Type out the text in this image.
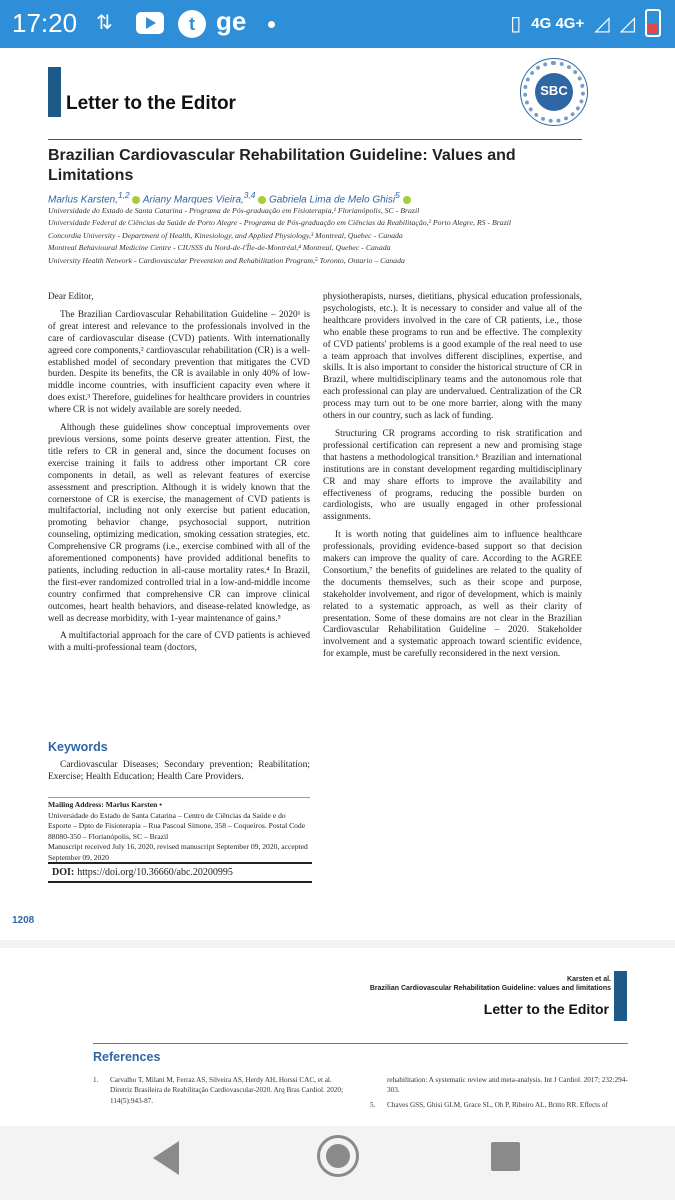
17:20 ⇅	t ge	▯ 4G 4G+ ◿ ◿
Letter to the Editor
SBC
Brazilian Cardiovascular Rehabilitation Guideline: Values and Limitations
Marlus Karsten,$^{1,2}$ Ariany Marques Vieira,$^{3,4}$ Gabriela Lima de Melo Ghisi$^5$
Universidade do Estado de Santa Catarina - Programa de Pós-graduação em Fisioterapia,¹ Florianópolis, SC - Brazil
Universidade Federal de Ciências da Saúde de Porto Alegre - Programa de Pós-graduação em Ciências da Reabilitação,² Porto Alegre, RS - Brazil
Concordia University - Department of Health, Kinesiology, and Applied Physiology,³ Montreal, Quebec - Canada
Montreal Behavioural Medicine Centre - CIUSSS du Nord-de-l'Île-de-Montréal,⁴ Montreal, Quebec - Canada
University Health Network - Cardiovascular Prevention and Rehabilitation Program,⁵ Toronto, Ontario – Canada

Dear Editor,

The Brazilian Cardiovascular Rehabilitation Guideline – 2020¹ is of great interest and relevance to the professionals involved in the care of cardiovascular disease (CVD) patients. With internationally agreed core components,² cardiovascular rehabilitation (CR) is a well-established model of secondary prevention that mitigates the CVD burden. Despite its benefits, the CR is available in only 40% of low-middle income countries, with insufficient capacity even where it does exist.³ Therefore, guidelines for healthcare providers in countries where CR is not widely available are sorely needed.

Although these guidelines show conceptual improvements over previous versions, some points deserve greater attention. First, the title refers to CR in general and, since the document focuses on exercise training it fails to address other important CR core components in detail, as well as relevant features of exercise assessment and prescription. Although it is widely known that the cornerstone of CR is exercise, the management of CVD patients is multifactorial, including not only exercise but patient education, promoting behavior change, psychosocial support, nutrition counseling, optimizing medication, smoking cessation strategies, etc. Comprehensive CR programs (i.e., exercise combined with all of the aforementioned components) have provided additional benefits to patients, including reduction in all-cause mortality rates.⁴ In Brazil, the first-ever randomized controlled trial in a low-and-middle income country confirmed that comprehensive CR can improve clinical outcomes, heart health behaviors, and disease-related knowledge, as well as decrease morbidity, with 1-year maintenance of gains.⁵

A multifactorial approach for the care of CVD patients is achieved with a multi-professional team (doctors,

physiotherapists, nurses, dietitians, physical education professionals, psychologists, etc.). It is necessary to consider and value all of the healthcare providers involved in the care of CR patients, i.e., those who enable these programs to run and be effective. The complexity of CVD patients' problems is a good example of the real need to use a team approach that involves different disciplines, expertise, and skills. It is also important to consider the historical structure of CR in Brazil, where multidisciplinary teams and the autonomous role that each professional can play are undervalued. Centralization of the CR process may turn out to be one more barrier, along with the many others in our country, such as lack of funding.

Structuring CR programs according to risk stratification and professional certification can represent a new and promising stage that hastens a methodological transition.⁶ Brazilian and international institutions are in constant development regarding multidisciplinary CR and may share efforts to improve the availability and effectiveness of programs, reducing the possible burden on cardiologists, who are usually engaged in other professional assignments.

It is worth noting that guidelines aim to influence healthcare professionals, providing evidence-based support so that decision makers can improve the quality of care. According to the AGREE Consortium,⁷ the benefits of guidelines are related to the quality of the documents themselves, such as their scope and purpose, stakeholder involvement, and rigor of development, which is mainly related to a systematic approach, as well as their clarity of presentation. Some of these domains are not clear in the Brazilian Cardiovascular Rehabilitation Guideline – 2020. Stakeholder involvement and a systematic approach toward scientific evidence, for example, must be carefully reconsidered in the next version.

Keywords
Cardiovascular Diseases; Secondary prevention; Reabilitation; Exercise; Health Education; Health Care Providers.
Mailing Address: Marlus Karsten •
Universidade do Estado de Santa Catarina – Centro de Ciências da Saúde e do Esporte – Dpto de Fisioterapia – Rua Pascoal Simone, 358 – Coqueiros. Postal Code 88080-350 – Florianópolis, SC – Brazil
Manuscript received July 16, 2020, revised manuscript September 09, 2020, accepted September 09, 2020
DOI: https://doi.org/10.36660/abc.20200995
1208
Karsten et al.
Brazilian Cardiovascular Rehabilitation Guideline: values and limitations
Letter to the Editor
References
1. Carvalho T, Milani M, Ferraz AS, Silveira AS, Herdy AH, Horssi CAC, et al. Diretriz Brasileira de Reabilitação Cardiovascular-2020. Arq Bras Cardiol. 2020; 114(5):943-87.
rehabilitation: A systematic review and meta-analysis. Int J Cardiol. 2017; 232:294-303.
5. Chaves GSS, Ghisi GLM, Grace SL, Oh P, Ribeiro AL, Britto RR. Effects of
